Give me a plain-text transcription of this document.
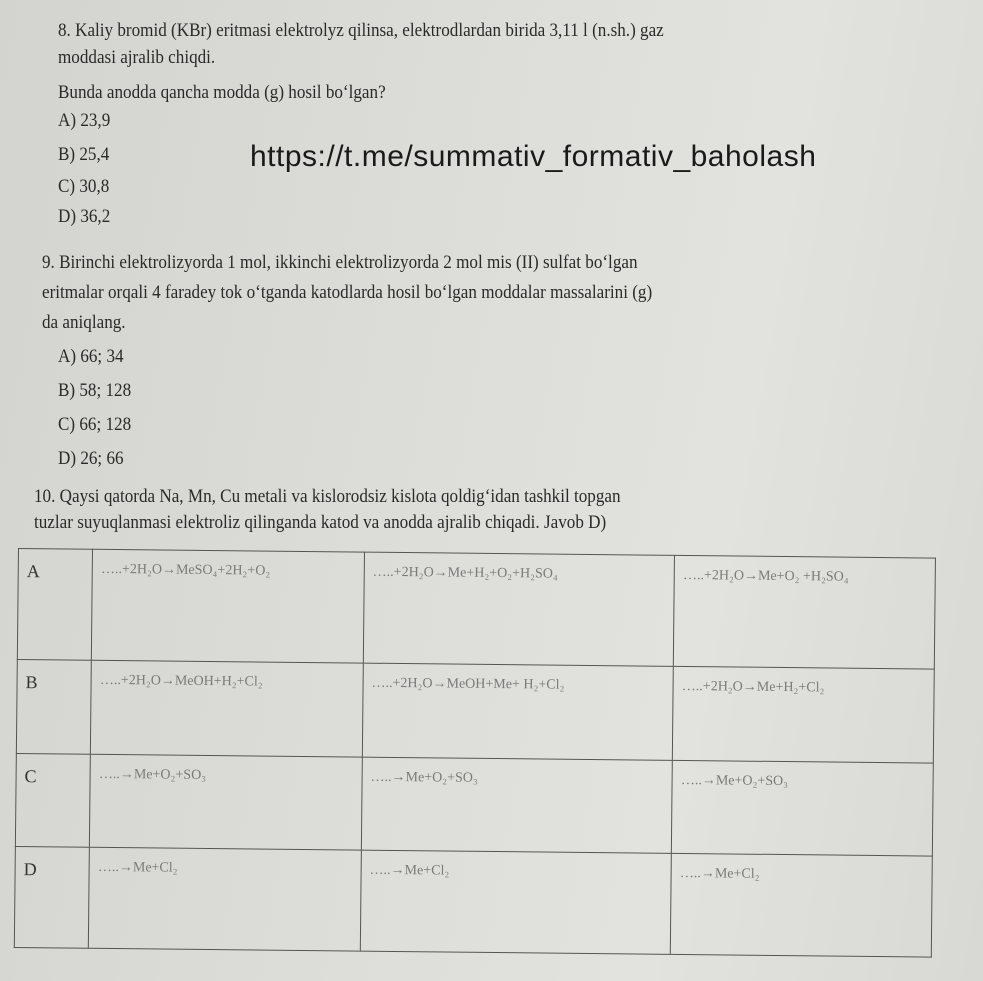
https://t.me/summativ_formativ_baholash
8. Kaliy bromid (KBr) eritmasi elektrolyz qilinsa, elektrodlardan birida 3,11 l (n.sh.) gaz
moddasi ajralib chiqdi.
Bunda anodda qancha modda (g) hosil bo‘lgan?
A) 23,9
B) 25,4
C) 30,8
D) 36,2
9. Birinchi elektrolizyorda 1 mol, ikkinchi elektrolizyorda 2 mol mis (II) sulfat bo‘lgan
eritmalar orqali 4 faradey tok o‘tganda katodlarda hosil bo‘lgan moddalar massalarini (g)
da aniqlang.
A) 66; 34
B) 58; 128
C) 66; 128
D) 26; 66
10. Qaysi qatorda Na, Mn, Cu metali va kislorodsiz kislota qoldig‘idan tashkil topgan
tuzlar suyuqlanmasi elektroliz qilinganda katod va anodda ajralib chiqadi. Javob D)
A	…..+2H₂O→MeSO₄+2H₂+O₂	…..+2H₂O→Me+H₂+O₂+H₂SO₄	…..+2H₂O→Me+O₂ +H₂SO₄
B	…..+2H₂O→MeOH+H₂+Cl₂	…..+2H₂O→MeOH+Me+ H₂+Cl₂	…..+2H₂O→Me+H₂+Cl₂
C	…..→Me+O₂+SO₃	…..→Me+O₂+SO₃	…..→Me+O₂+SO₃
D	…..→Me+Cl₂	…..→Me+Cl₂	…..→Me+Cl₂
